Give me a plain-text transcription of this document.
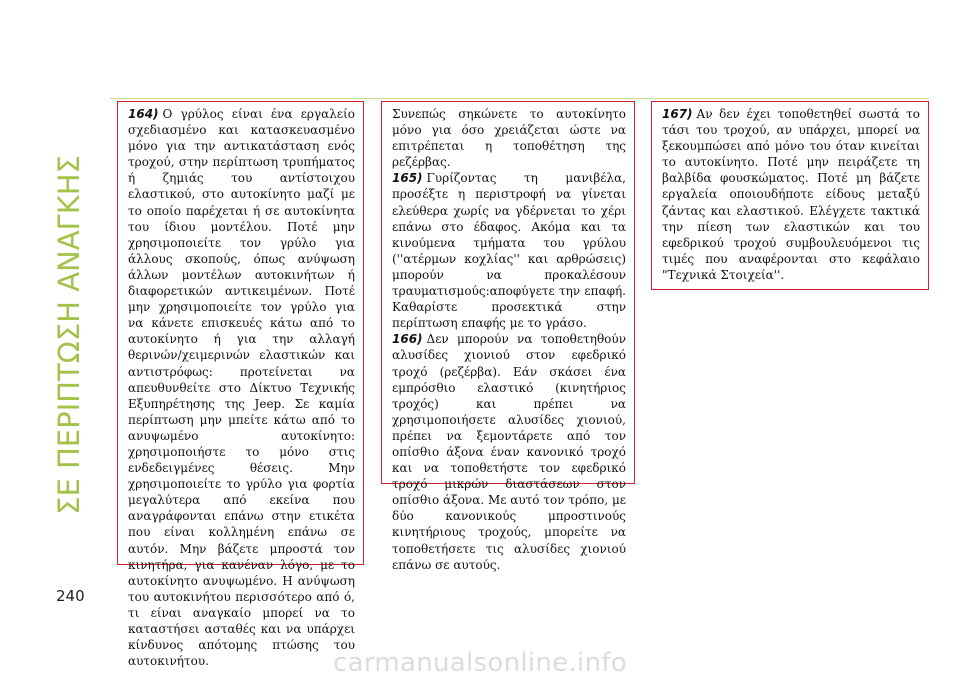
ΣΕ ΠΕΡΙΠΤΩΣΗ ΑΝΑΓΚΗΣ

164) Ο γρύλος είναι ένα εργαλείο σχεδιασμένο και κατασκευασμένο μόνο για την αντικατάσταση ενός τροχού, στην περίπτωση τρυπήματος ή ζημιάς του αντίστοιχου ελαστικού, στο αυτοκίνητο μαζί με το οποίο παρέχεται ή σε αυτοκίνητα του ίδιου μοντέλου. Ποτέ μην χρησιμοποιείτε τον γρύλο για άλλους σκοπούς, όπως ανύψωση άλλων μοντέλων αυτοκινήτων ή διαφορετικών αντικειμένων. Ποτέ μην χρησιμοποιείτε τον γρύλο για να κάνετε επισκευές κάτω από το αυτοκίνητο ή για την αλλαγή θερινών/χειμερινών ελαστικών και αντιστρόφως: προτείνεται να απευθυνθείτε στο Δίκτυο Τεχνικής Εξυπηρέτησης της Jeep. Σε καμία περίπτωση μην μπείτε κάτω από το ανυψωμένο αυτοκίνητο: χρησιμοποιήστε το μόνο στις ενδεδειγμένες θέσεις. Μην χρησιμοποιείτε το γρύλο για φορτία μεγαλύτερα από εκείνα που αναγράφονται επάνω στην ετικέτα που είναι κολλημένη επάνω σε αυτόν. Μην βάζετε μπροστά τον κινητήρα, για κανέναν λόγο, με το αυτοκίνητο ανυψωμένο. Η ανύψωση του αυτοκινήτου περισσότερο από ό, τι είναι αναγκαίο μπορεί να το καταστήσει ασταθές και να υπάρχει κίνδυνος απότομης πτώσης του αυτοκινήτου.

Συνεπώς σηκώνετε το αυτοκίνητο μόνο για όσο χρειάζεται ώστε να επιτρέπεται η τοποθέτηση της ρεζέρβας.

165) Γυρίζοντας τη μανιβέλα, προσέξτε η περιστροφή να γίνεται ελεύθερα χωρίς να γδέρνεται το χέρι επάνω στο έδαφος. Ακόμα και τα κινούμενα τμήματα του γρύλου (''ατέρμων κοχλίας'' και αρθρώσεις) μπορούν να προκαλέσουν τραυματισμούς:αποφύγετε την επαφή. Καθαρίστε προσεκτικά στην περίπτωση επαφής με το γράσο.

166) Δεν μπορούν να τοποθετηθούν αλυσίδες χιονιού στον εφεδρικό τροχό (ρεζέρβα). Εάν σκάσει ένα εμπρόσθιο ελαστικό (κινητήριος τροχός) και πρέπει να χρησιμοποιήσετε αλυσίδες χιονιού, πρέπει να ξεμοντάρετε από τον οπίσθιο άξονα έναν κανονικό τροχό και να τοποθετήστε τον εφεδρικό τροχό μικρών διαστάσεων στον οπίσθιο άξονα. Με αυτό τον τρόπο, με δύο κανονικούς μπροστινούς κινητήριους τροχούς, μπορείτε να τοποθετήσετε τις αλυσίδες χιονιού επάνω σε αυτούς.

167) Αν δεν έχει τοποθετηθεί σωστά το τάσι του τροχού, αν υπάρχει, μπορεί να ξεκουμπώσει από μόνο του όταν κινείται το αυτοκίνητο. Ποτέ μην πειράζετε τη βαλβίδα φουσκώματος. Ποτέ μη βάζετε εργαλεία οποιουδήποτε είδους μεταξύ ζάντας και ελαστικού. Ελέγχετε τακτικά την πίεση των ελαστικών και του εφεδρικού τροχού συμβουλευόμενοι τις τιμές που αναφέρονται στο κεφάλαιο "Τεχνικά Στοιχεία''.

240
carmanualsonline.info
